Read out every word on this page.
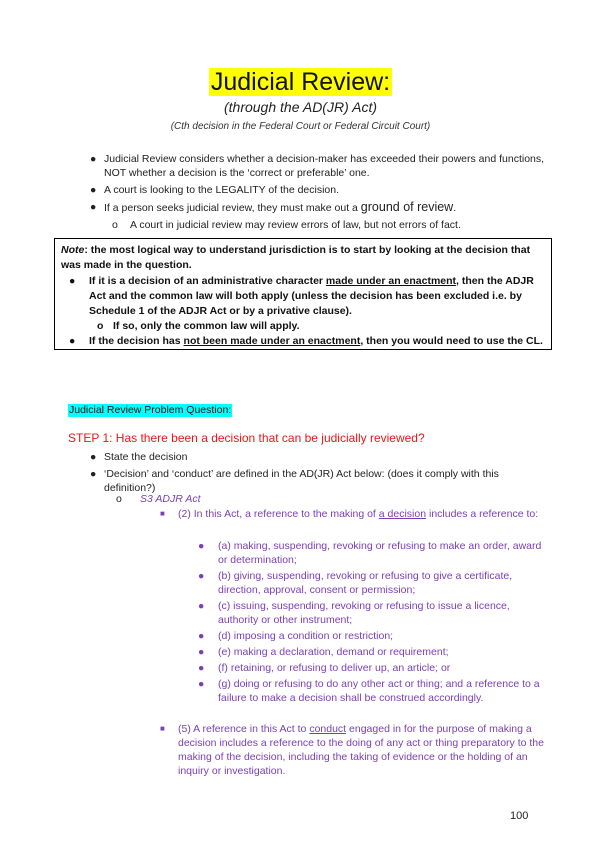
Judicial Review:
(through the AD(JR) Act)
(Cth decision in the Federal Court or Federal Circuit Court)
● Judicial Review considers whether a decision-maker has exceeded their powers and functions, NOT whether a decision is the ‘correct or preferable’ one.
● A court is looking to the LEGALITY of the decision.
● If a person seeks judicial review, they must make out a ground of review.
o A court in judicial review may review errors of law, but not errors of fact.
Note: the most logical way to understand jurisdiction is to start by looking at the decision that was made in the question.
● If it is a decision of an administrative character made under an enactment, then the ADJR Act and the common law will both apply (unless the decision has been excluded i.e. by Schedule 1 of the ADJR Act or by a privative clause).
o If so, only the common law will apply.
● If the decision has not been made under an enactment, then you would need to use the CL.
Judicial Review Problem Question:
STEP 1: Has there been a decision that can be judicially reviewed?
● State the decision
● ‘Decision’ and ‘conduct’ are defined in the AD(JR) Act below: (does it comply with this definition?)
o S3 ADJR Act
■ (2) In this Act, a reference to the making of a decision includes a reference to:
● (a) making, suspending, revoking or refusing to make an order, award or determination;
● (b) giving, suspending, revoking or refusing to give a certificate, direction, approval, consent or permission;
● (c) issuing, suspending, revoking or refusing to issue a licence, authority or other instrument;
● (d) imposing a condition or restriction;
● (e) making a declaration, demand or requirement;
● (f) retaining, or refusing to deliver up, an article; or
● (g) doing or refusing to do any other act or thing; and a reference to a failure to make a decision shall be construed accordingly.
■ (5) A reference in this Act to conduct engaged in for the purpose of making a decision includes a reference to the doing of any act or thing preparatory to the making of the decision, including the taking of evidence or the holding of an inquiry or investigation.
100
